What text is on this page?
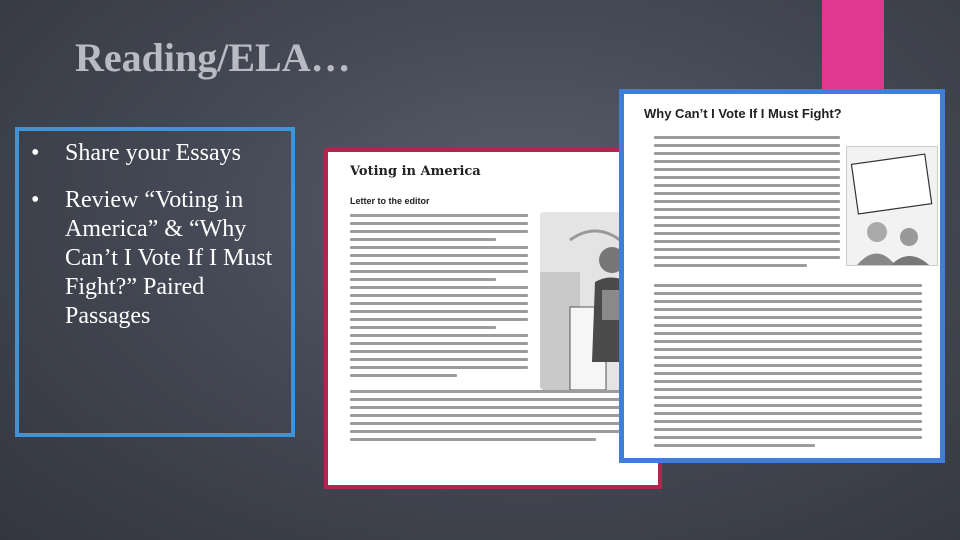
Reading/ELA…
• Share your Essays
• Review “Voting in America” & “Why Can’t I Vote If I Must Fight?” Paired Passages
Voting in America
Letter to the editor
Why Can’t I Vote If I Must Fight?
